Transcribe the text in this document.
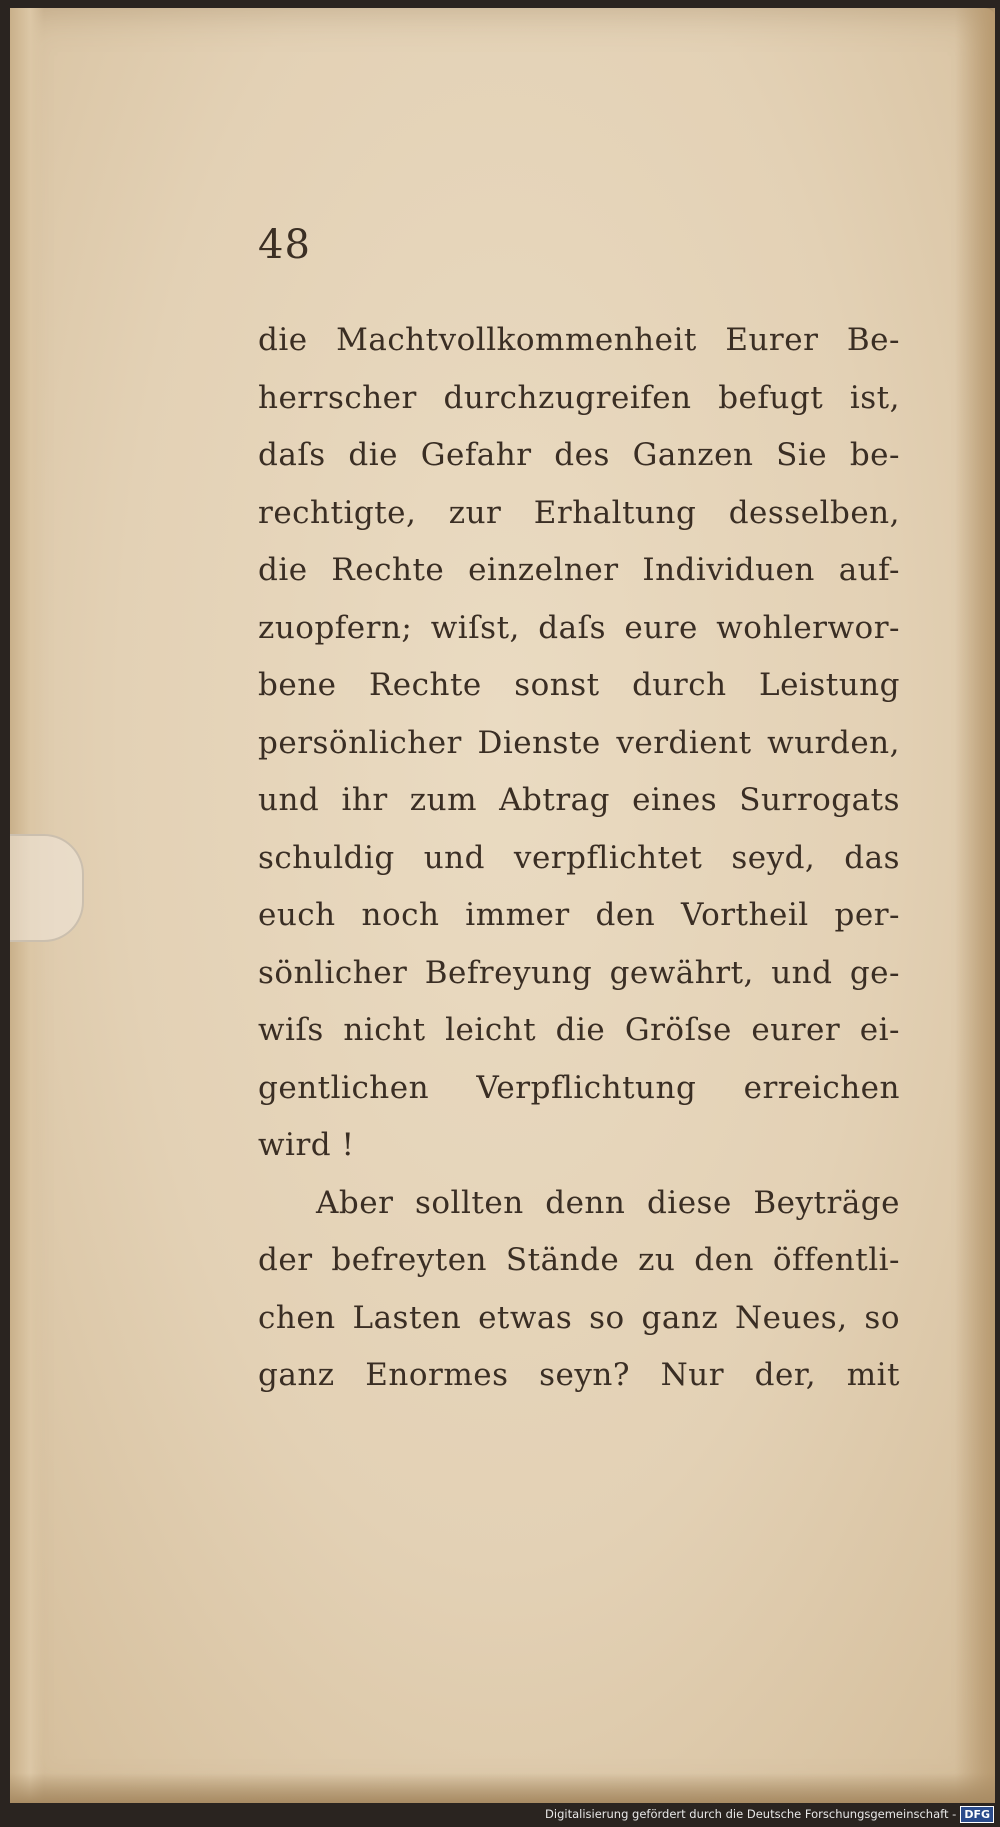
48
die Machtvollkommenheit Eurer Be-
herrscher durchzugreifen befugt ist,
daſs die Gefahr des Ganzen Sie be-
rechtigte, zur Erhaltung desselben,
die Rechte einzelner Individuen auf-
zuopfern; wiſst, daſs eure wohlerwor-
bene Rechte sonst durch Leistung
persönlicher Dienste verdient wurden,
und ihr zum Abtrag eines Surrogats
schuldig und verpflichtet seyd, das
euch noch immer den Vortheil per-
sönlicher Befreyung gewährt, und ge-
wiſs nicht leicht die Gröſse eurer ei-
gentlichen Verpflichtung erreichen
wird !
Aber sollten denn diese Beyträge
der befreyten Stände zu den öffentli-
chen Lasten etwas so ganz Neues, so
ganz Enormes seyn? Nur der, mit
Digitalisierung gefördert durch die Deutsche Forschungsgemeinschaft - DFG
